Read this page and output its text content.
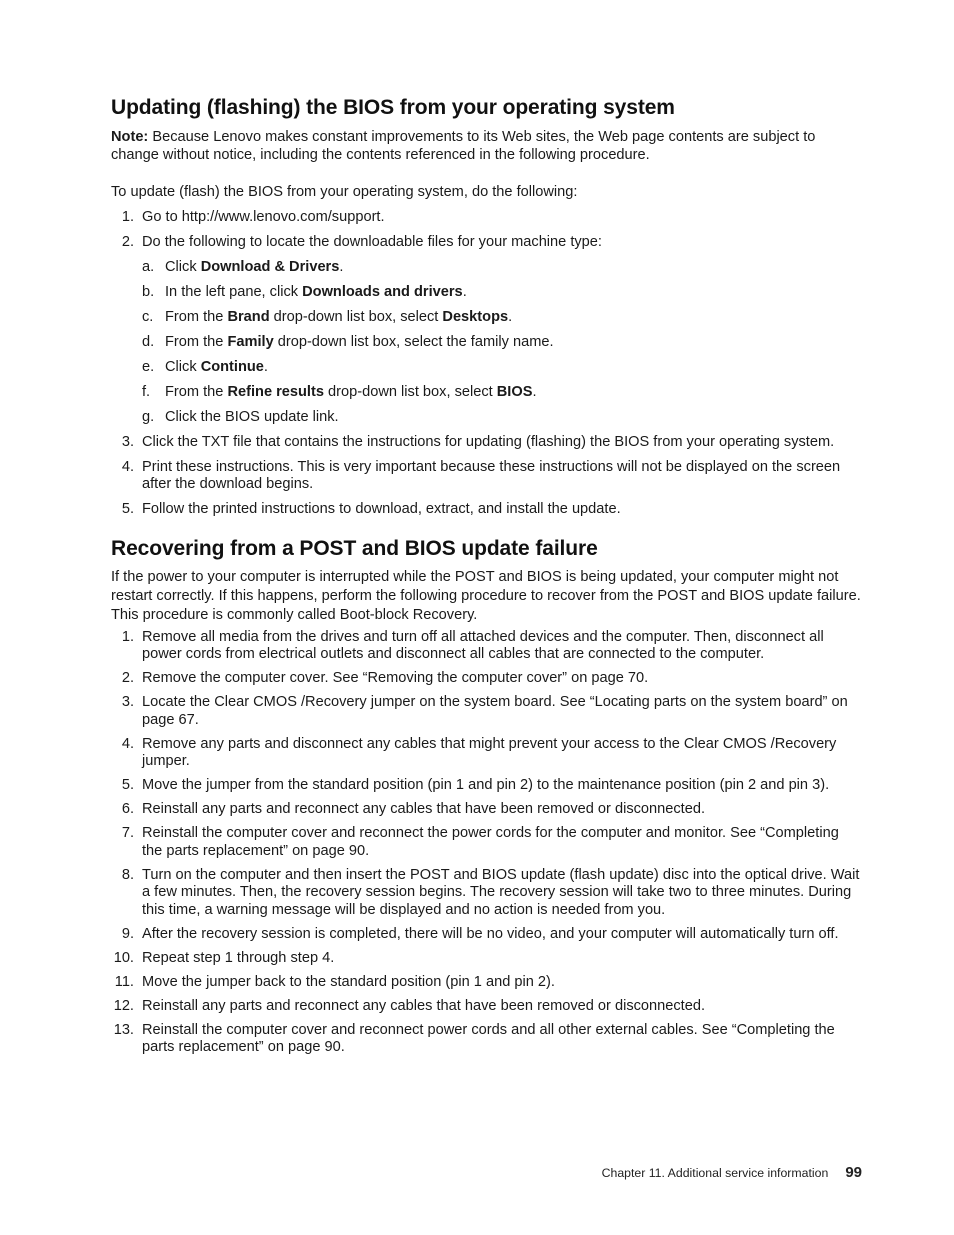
Updating (flashing) the BIOS from your operating system

Note: Because Lenovo makes constant improvements to its Web sites, the Web page contents are subject to change without notice, including the contents referenced in the following procedure.

To update (flash) the BIOS from your operating system, do the following:

1. Go to http://www.lenovo.com/support.
2. Do the following to locate the downloadable files for your machine type:
a. Click Download & Drivers.
b. In the left pane, click Downloads and drivers.
c. From the Brand drop-down list box, select Desktops.
d. From the Family drop-down list box, select the family name.
e. Click Continue.
f. From the Refine results drop-down list box, select BIOS.
g. Click the BIOS update link.
3. Click the TXT file that contains the instructions for updating (flashing) the BIOS from your operating system.
4. Print these instructions. This is very important because these instructions will not be displayed on the screen after the download begins.
5. Follow the printed instructions to download, extract, and install the update.
Recovering from a POST and BIOS update failure

If the power to your computer is interrupted while the POST and BIOS is being updated, your computer might not restart correctly. If this happens, perform the following procedure to recover from the POST and BIOS update failure. This procedure is commonly called Boot-block Recovery.

1. Remove all media from the drives and turn off all attached devices and the computer. Then, disconnect all power cords from electrical outlets and disconnect all cables that are connected to the computer.
2. Remove the computer cover. See “Removing the computer cover” on page 70.
3. Locate the Clear CMOS /Recovery jumper on the system board. See “Locating parts on the system board” on page 67.
4. Remove any parts and disconnect any cables that might prevent your access to the Clear CMOS /Recovery jumper.
5. Move the jumper from the standard position (pin 1 and pin 2) to the maintenance position (pin 2 and pin 3).
6. Reinstall any parts and reconnect any cables that have been removed or disconnected.
7. Reinstall the computer cover and reconnect the power cords for the computer and monitor. See “Completing the parts replacement” on page 90.
8. Turn on the computer and then insert the POST and BIOS update (flash update) disc into the optical drive. Wait a few minutes. Then, the recovery session begins. The recovery session will take two to three minutes. During this time, a warning message will be displayed and no action is needed from you.
9. After the recovery session is completed, there will be no video, and your computer will automatically turn off.
10. Repeat step 1 through step 4.
11. Move the jumper back to the standard position (pin 1 and pin 2).
12. Reinstall any parts and reconnect any cables that have been removed or disconnected.
13. Reinstall the computer cover and reconnect power cords and all other external cables. See “Completing the parts replacement” on page 90.
Chapter 11. Additional service information 99
